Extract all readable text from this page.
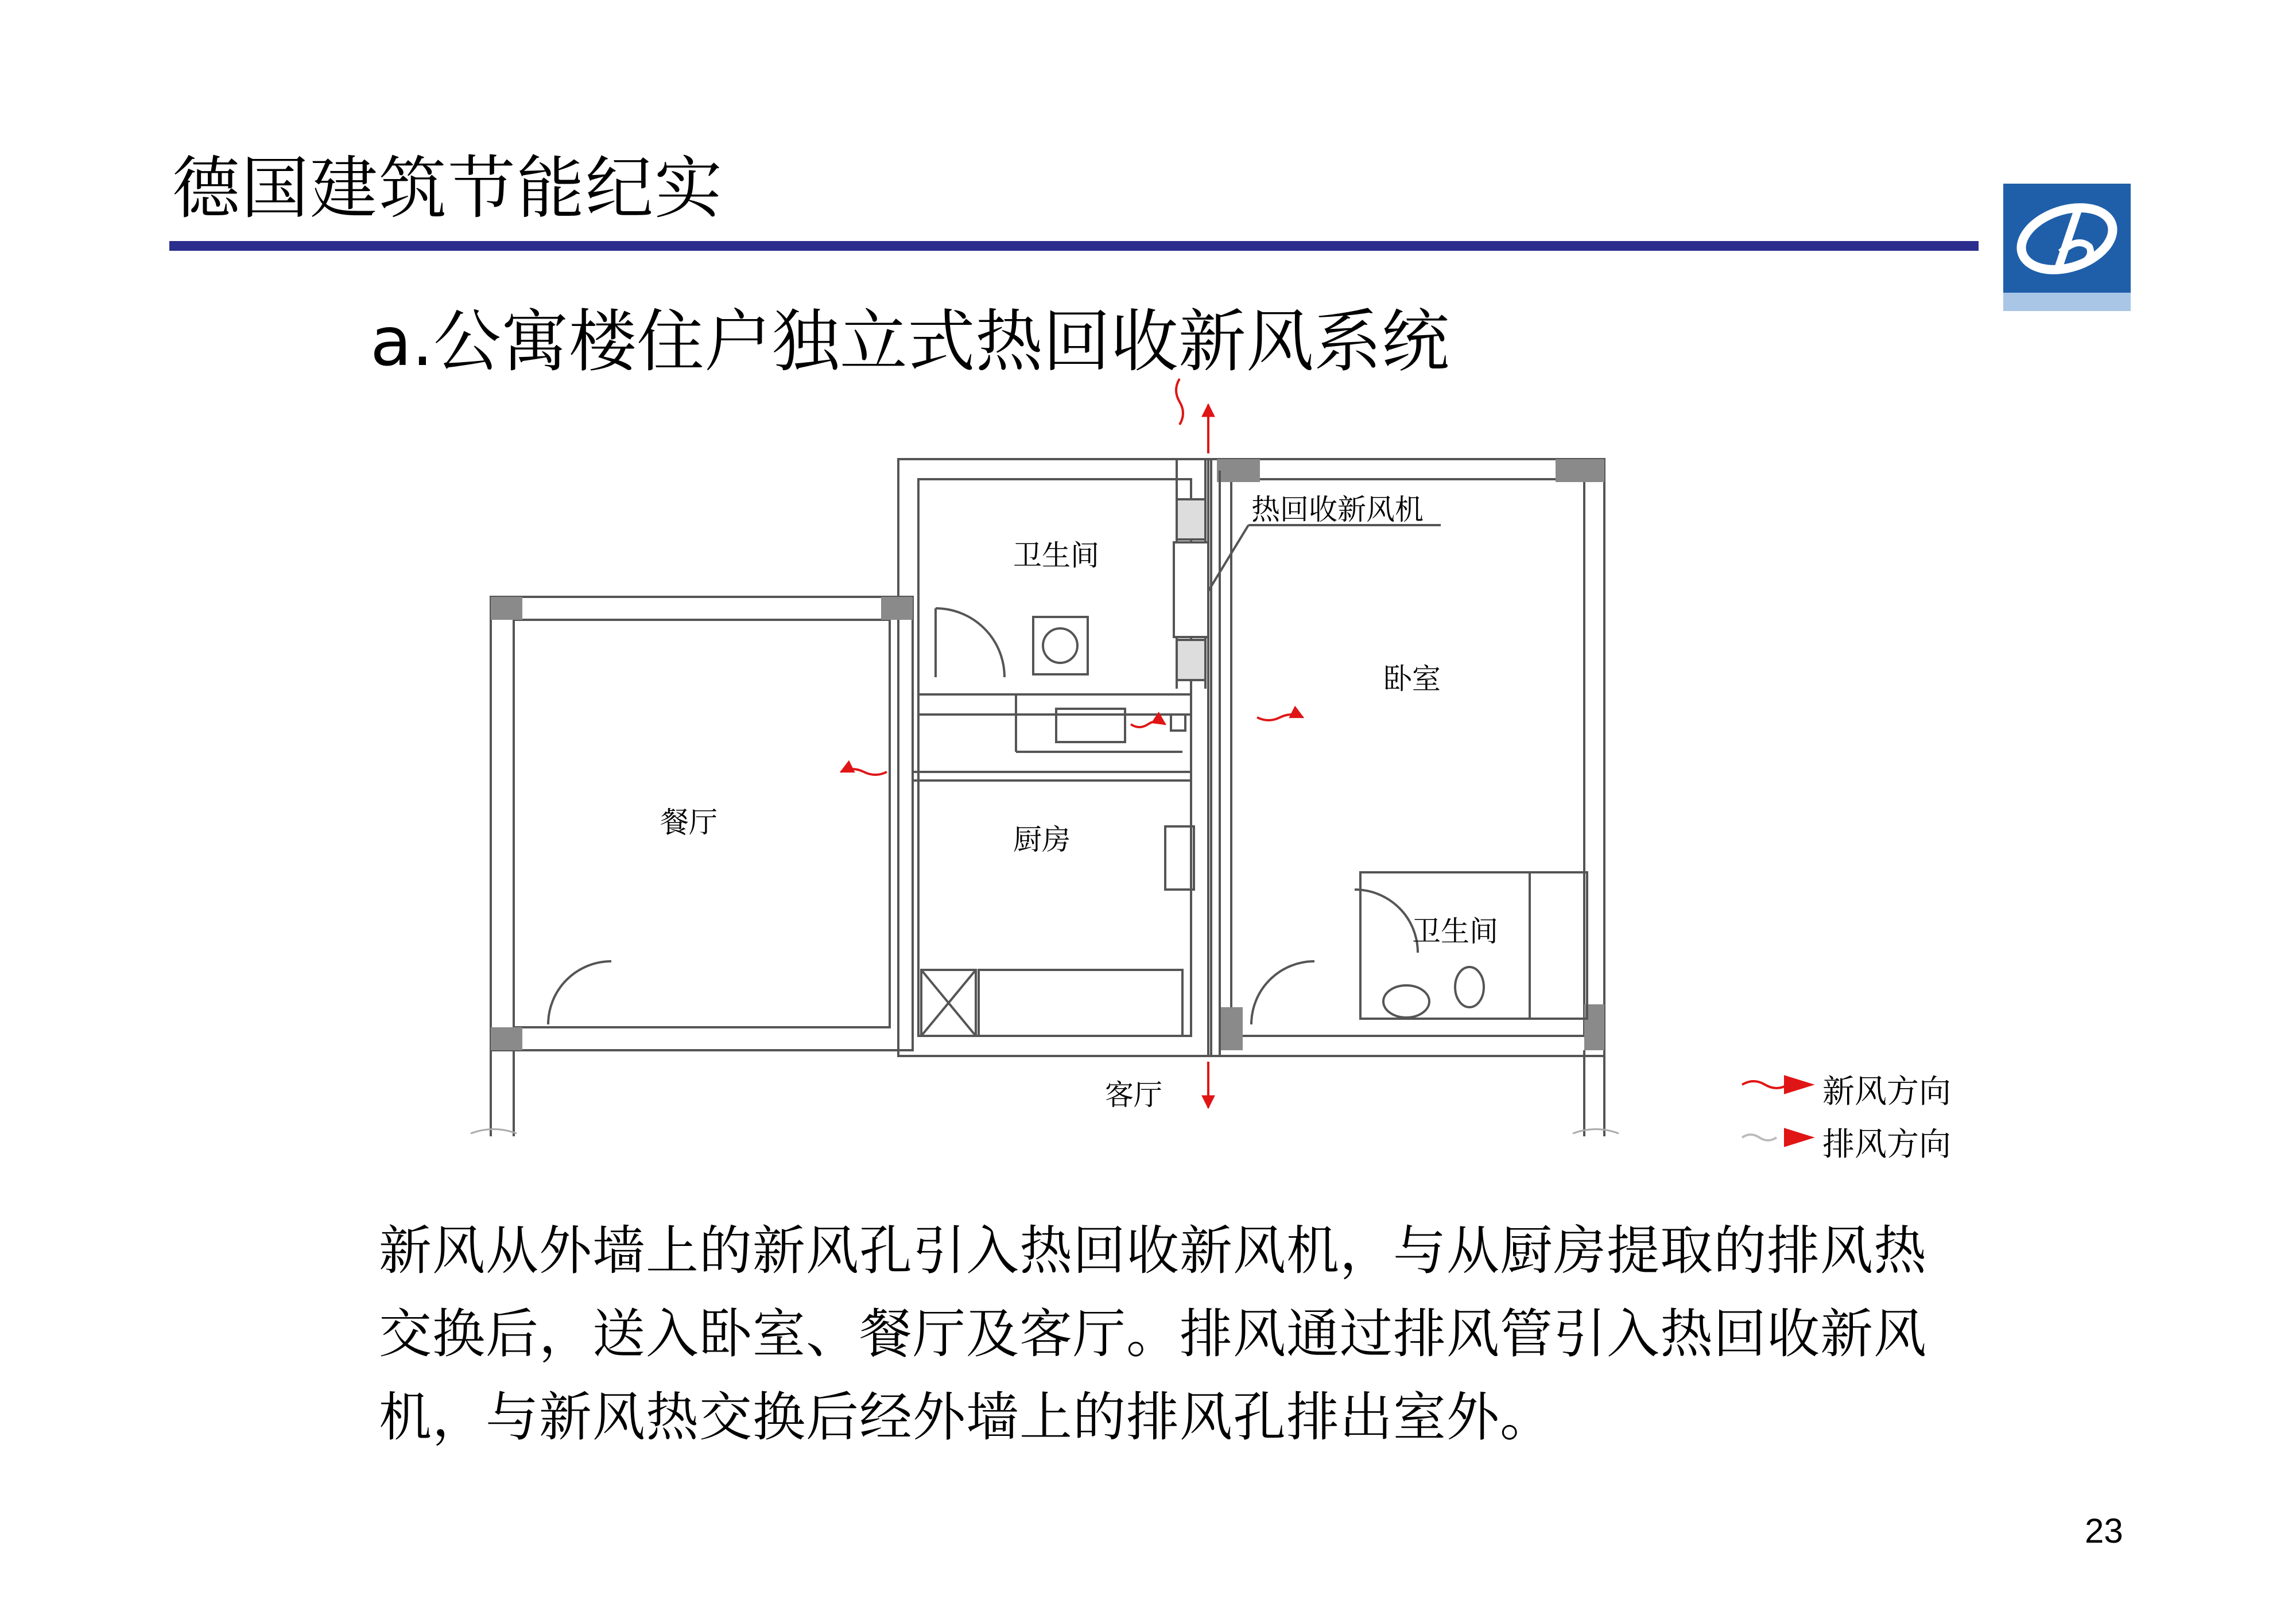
德国建筑节能纪实
a.公寓楼住户独立式热回收新风系统
卫生间
餐厅
厨房
卧室
卫生间
客厅
热回收新风机
新风方向
排风方向
新风从外墙上的新风孔引入热回收新风机，与从厨房提取的排风热
交换后，送入卧室、餐厅及客厅。排风通过排风管引入热回收新风
机，与新风热交换后经外墙上的排风孔排出室外。
23
